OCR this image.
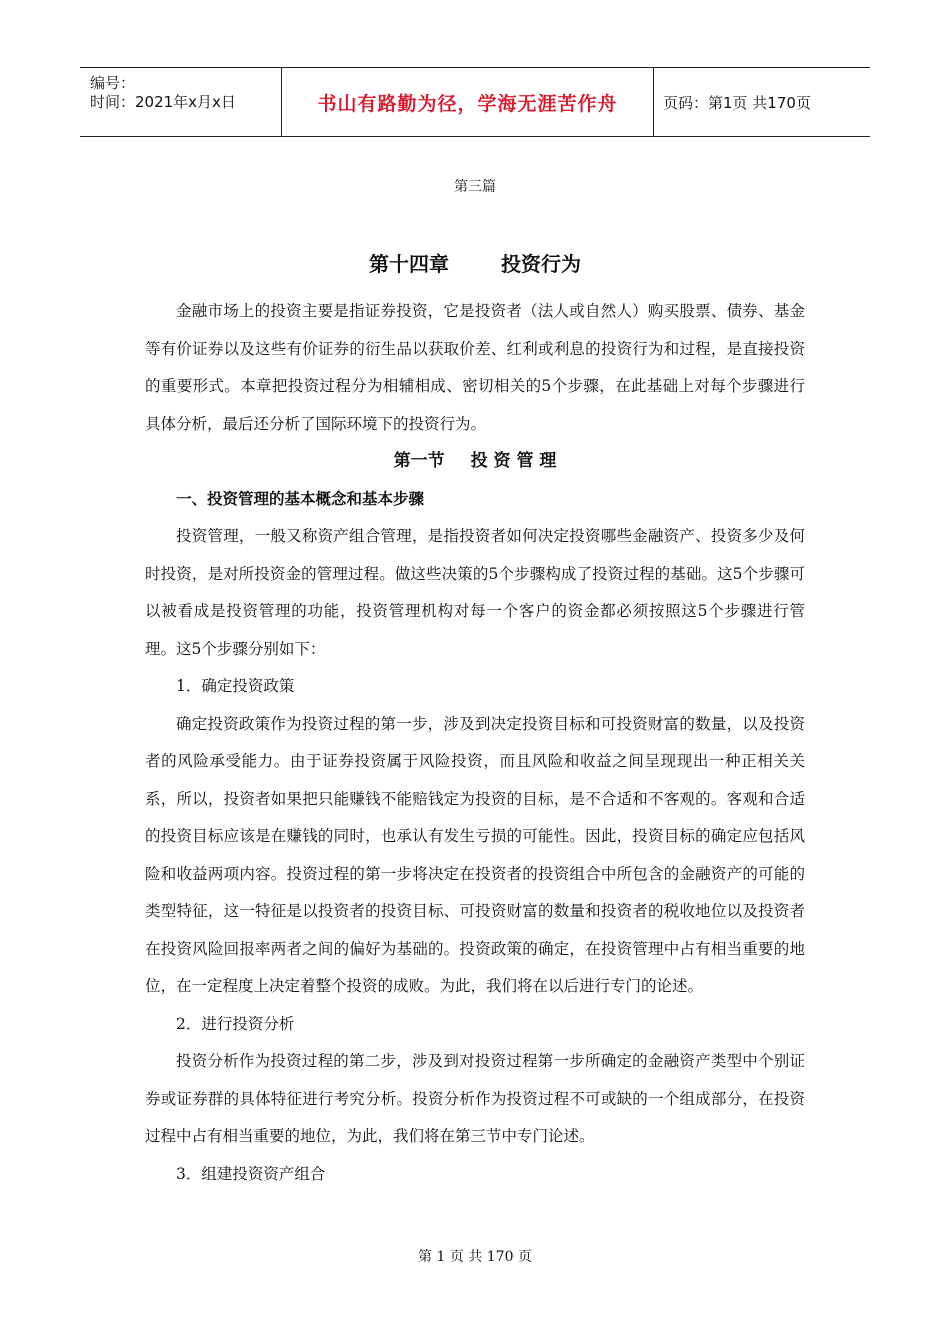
编号：
时间：2021年x月x日	书山有路勤为径，学海无涯苦作舟	页码：第1页 共170页
第三篇
第十四章	投资行为

金融市场上的投资主要是指证券投资，它是投资者（法人或自然人）购买股票、债券、基金等有价证券以及这些有价证券的衍生品以获取价差、红利或利息的投资行为和过程，是直接投资的重要形式。本章把投资过程分为相辅相成、密切相关的5个步骤，在此基础上对每个步骤进行具体分析，最后还分析了国际环境下的投资行为。

第一节 投 资 管 理
一、投资管理的基本概念和基本步骤

投资管理，一般又称资产组合管理，是指投资者如何决定投资哪些金融资产、投资多少及何时投资，是对所投资金的管理过程。做这些决策的5个步骤构成了投资过程的基础。这5个步骤可以被看成是投资管理的功能，投资管理机构对每一个客户的资金都必须按照这5个步骤进行管理。这5个步骤分别如下：

1．确定投资政策

确定投资政策作为投资过程的第一步，涉及到决定投资目标和可投资财富的数量，以及投资者的风险承受能力。由于证券投资属于风险投资，而且风险和收益之间呈现现出一种正相关关系，所以，投资者如果把只能赚钱不能赔钱定为投资的目标，是不合适和不客观的。客观和合适的投资目标应该是在赚钱的同时，也承认有发生亏损的可能性。因此，投资目标的确定应包括风险和收益两项内容。投资过程的第一步将决定在投资者的投资组合中所包含的金融资产的可能的类型特征，这一特征是以投资者的投资目标、可投资财富的数量和投资者的税收地位以及投资者在投资风险回报率两者之间的偏好为基础的。投资政策的确定，在投资管理中占有相当重要的地位，在一定程度上决定着整个投资的成败。为此，我们将在以后进行专门的论述。

2．进行投资分析

投资分析作为投资过程的第二步，涉及到对投资过程第一步所确定的金融资产类型中个别证券或证券群的具体特征进行考究分析。投资分析作为投资过程不可或缺的一个组成部分，在投资过程中占有相当重要的地位，为此，我们将在第三节中专门论述。

3．组建投资资产组合
第 1 页 共 170 页
